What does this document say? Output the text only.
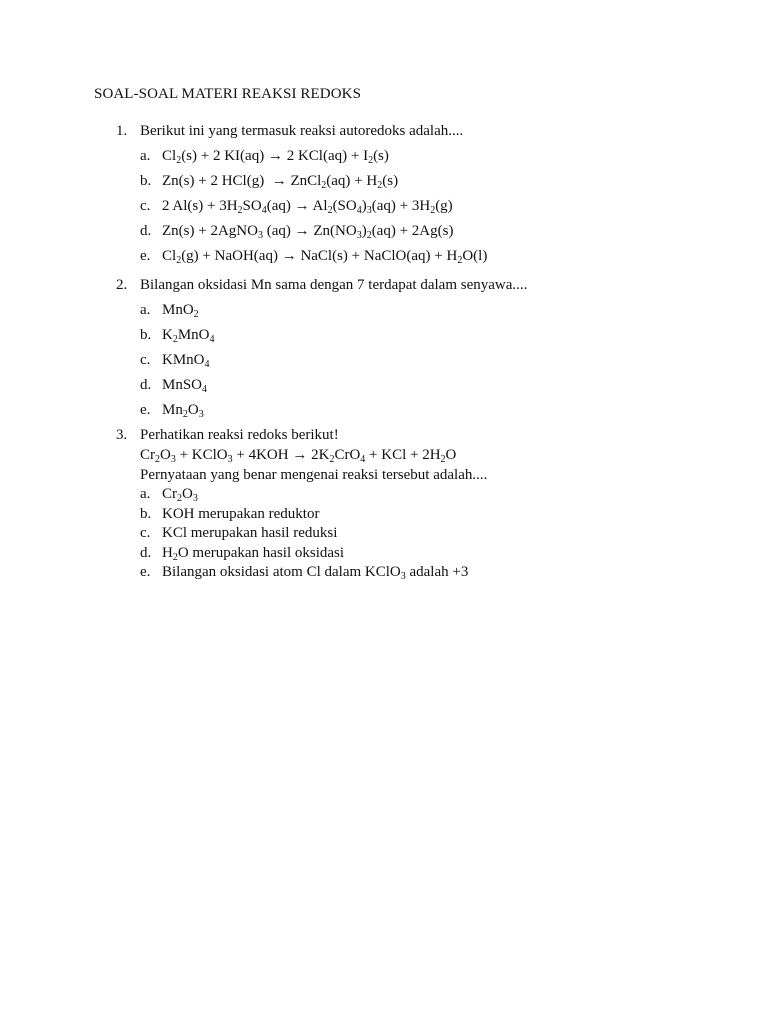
SOAL-SOAL MATERI REAKSI REDOKS
1. Berikut ini yang termasuk reaksi autoredoks adalah....
a. $Cl_2(s) + 2$ KI(aq) → 2 $KCl(aq) + I_2(s)$
b. Zn(s) + 2 HCl(g)  → ZnCl$_2$(aq) + $H_2(s)$
c. 2 $Al(s) + 3H_2SO_4(aq) \to Al_2(SO_4)_3(aq) + 3H_2(g)$
d. Zn(s) + 2AgNO$_3$ $(aq) \to Zn(NO_3)_2(aq) + 2Ag(s)$
e. $Cl_2(g)$ + NaOH(aq) → NaCl(s) + NaClO(aq) + $H_2O(l)$
2. Bilangan oksidasi Mn sama dengan 7 terdapat dalam senyawa....
a. MnO$_2$
b. $K_2MnO_4$
c. KMnO$_4$
d. MnSO$_4$
e. $Mn_2O_3$
3. Perhatikan reaksi redoks berikut!
$Cr_2O_3$ + KClO$_3$ + $4KOH \to 2K_2CrO_4$ + KCl + $2H_2O$
Pernyataan yang benar mengenai reaksi tersebut adalah....
a. $Cr_2O_3$
b. KOH merupakan reduktor
c. KCl merupakan hasil reduksi
d. $H_2O$ merupakan hasil oksidasi
e. Bilangan oksidasi atom Cl dalam KClO$_3$ adalah +3
